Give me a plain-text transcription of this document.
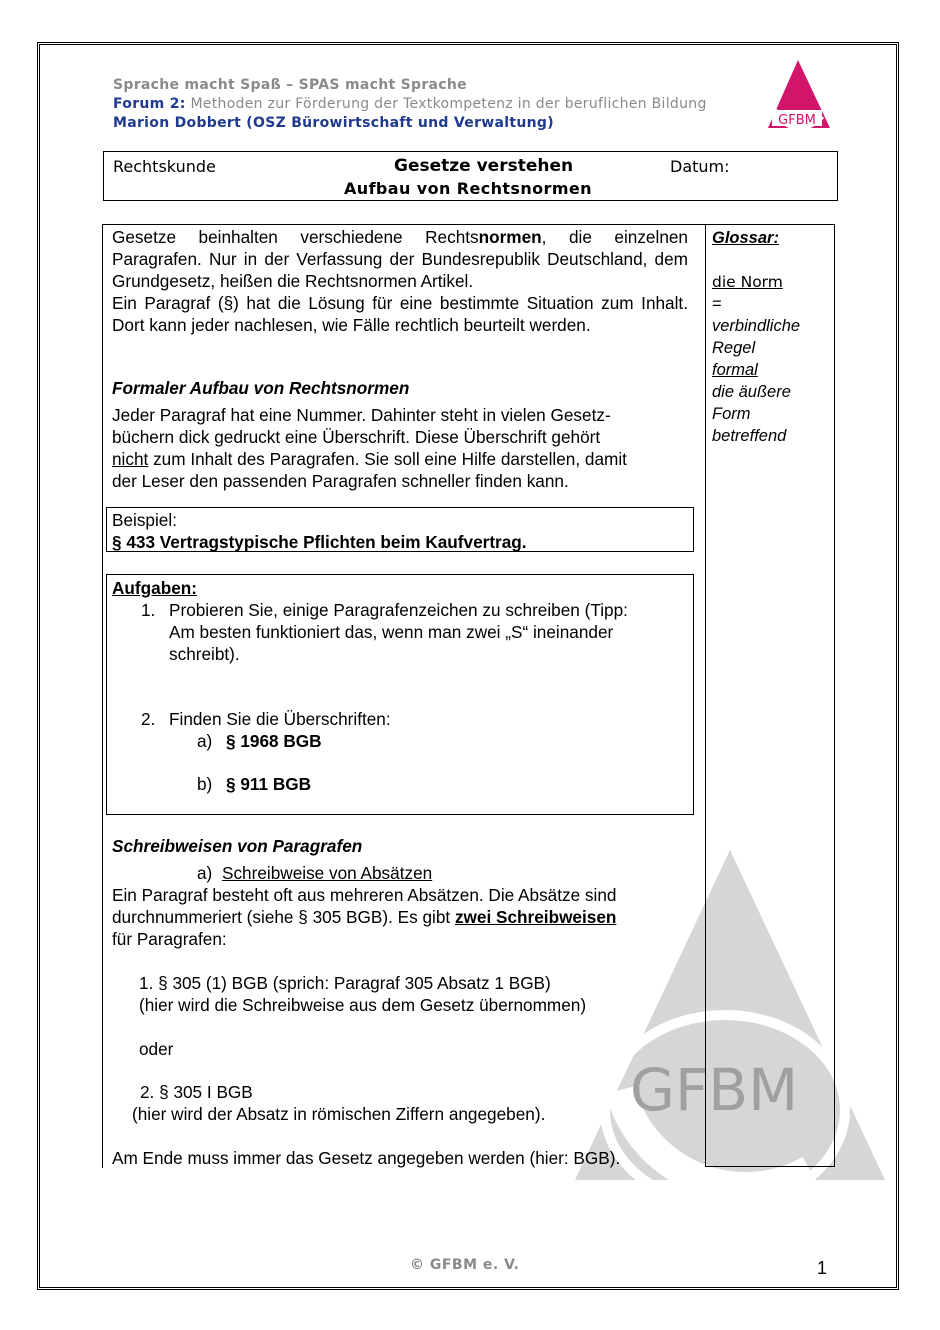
GFBM
Sprache macht Spaß – SPAS macht Sprache
Forum 2: Methoden zur Förderung der Textkompetenz in der beruflichen Bildung
Marion Dobbert (OSZ Bürowirtschaft und Verwaltung)	GFBM
Rechtskunde	Gesetze verstehen	Datum:
Aufbau von Rechtsnormen
Gesetze beinhalten verschiedene Rechtsnormen, die einzelnen Paragrafen. Nur in der Verfassung der Bundesrepublik Deutschland, dem Grundgesetz, heißen die Rechtsnormen Artikel.
Ein Paragraf (§) hat die Lösung für eine bestimmte Situation zum Inhalt. Dort kann jeder nachlesen, wie Fälle rechtlich beurteilt werden.
Formaler Aufbau von Rechtsnormen
Jeder Paragraf hat eine Nummer. Dahinter steht in vielen Gesetz-
büchern dick gedruckt eine Überschrift. Diese Überschrift gehört
nicht zum Inhalt des Paragrafen. Sie soll eine Hilfe darstellen, damit
der Leser den passenden Paragrafen schneller finden kann.
Beispiel:
§ 433 Vertragstypische Pflichten beim Kaufvertrag.
Aufgaben:
1. Probieren Sie, einige Paragrafenzeichen zu schreiben (Tipp:
Am besten funktioniert das, wenn man zwei „S“ ineinander
schreibt).
2. Finden Sie die Überschriften:
a) § 1968 BGB
b) § 911 BGB
Schreibweisen von Paragrafen
a) Schreibweise von Absätzen
Ein Paragraf besteht oft aus mehreren Absätzen. Die Absätze sind
durchnummeriert (siehe § 305 BGB). Es gibt zwei Schreibweisen
für Paragrafen:
1. § 305 (1) BGB (sprich: Paragraf 305 Absatz 1 BGB)
(hier wird die Schreibweise aus dem Gesetz übernommen)
oder
2. § 305 I BGB
(hier wird der Absatz in römischen Ziffern angegeben).
Am Ende muss immer das Gesetz angegeben werden (hier: BGB).
Glossar:

die Norm
=
verbindliche
Regel
formal
die äußere
Form
betreffend
© GFBM e. V.	1
